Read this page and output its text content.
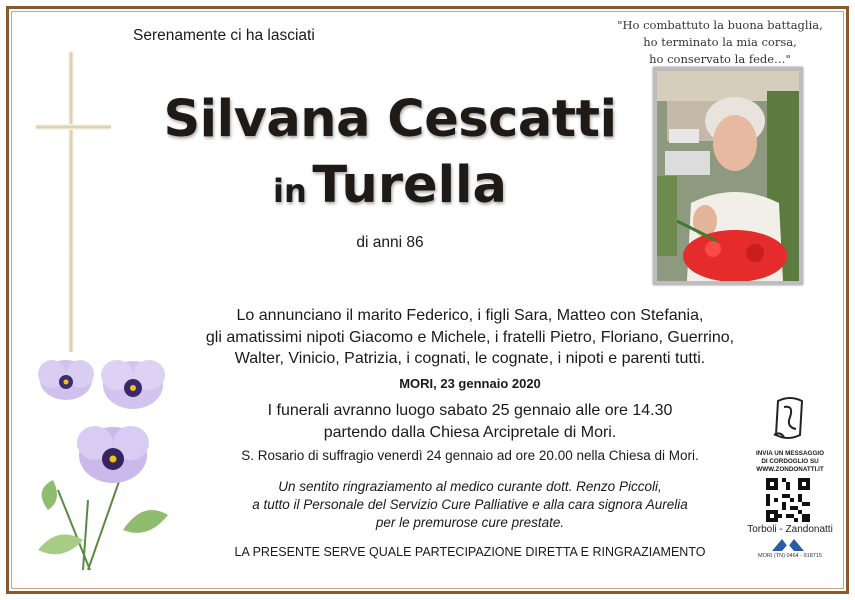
Serenamente ci ha lasciati
"Ho combattuto la buona battaglia,
ho terminato la mia corsa,
ho conservato la fede…"
Silvana Cescatti
in Turella
di anni 86
Lo annunciano il marito Federico, i figli Sara, Matteo con Stefania,
gli amatissimi nipoti Giacomo e Michele, i fratelli Pietro, Floriano, Guerrino,
Walter, Vinicio, Patrizia, i cognati, le cognate, i nipoti e parenti tutti.
MORI, 23 gennaio 2020
I funerali avranno luogo sabato 25 gennaio alle ore 14.30
partendo dalla Chiesa Arcipretale di Mori.
S. Rosario di suffragio venerdì 24 gennaio ad ore 20.00 nella Chiesa di Mori.
Un sentito ringraziamento al medico curante dott. Renzo Piccoli,
a tutto il Personale del Servizio Cure Palliative e alla cara signora Aurelia
per le premurose cure prestate.
LA PRESENTE SERVE QUALE PARTECIPAZIONE DIRETTA E RINGRAZIAMENTO
INVIA UN MESSAGGIO
DI CORDOGLIO SU
WWW.ZONDONATTI.IT
Torboli - Zandonatti
MORI (TN) 0464 - 918715
